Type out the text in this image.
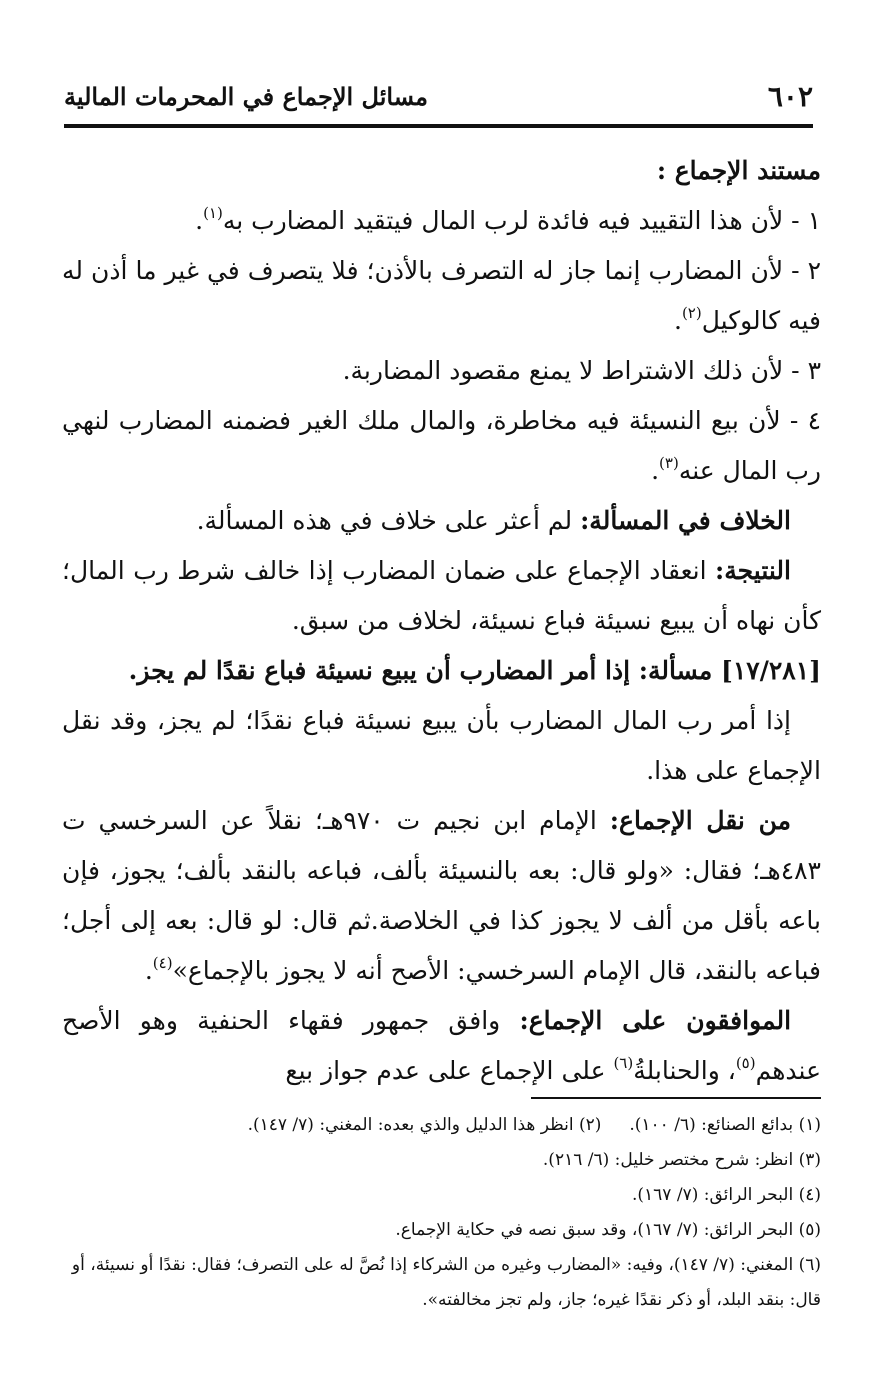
٦٠٢
مسائل الإجماع في المحرمات المالية

مستند الإجماع :

١ - لأن هذا التقييد فيه فائدة لرب المال فيتقيد المضارب به$^{(١)}$.

٢ - لأن المضارب إنما جاز له التصرف بالأذن؛ فلا يتصرف في غير ما أذن له فيه كالوكيل$^{(٢)}$.

٣ - لأن ذلك الاشتراط لا يمنع مقصود المضاربة.

٤ - لأن بيع النسيئة فيه مخاطرة، والمال ملك الغير فضمنه المضارب لنهي رب المال عنه$^{(٣)}$.

الخلاف في المسألة: لم أعثر على خلاف في هذه المسألة.

النتيجة: انعقاد الإجماع على ضمان المضارب إذا خالف شرط رب المال؛ كأن نهاه أن يبيع نسيئة فباع نسيئة، لخلاف من سبق.

[١٧/٢٨١] مسألة: إذا أمر المضارب أن يبيع نسيئة فباع نقدًا لم يجز.

إذا أمر رب المال المضارب بأن يبيع نسيئة فباع نقدًا؛ لم يجز، وقد نقل الإجماع على هذا.

من نقل الإجماع: الإمام ابن نجيم ت ٩٧٠هـ؛ نقلاً عن السرخسي ت ٤٨٣هـ؛ فقال: «ولو قال: بعه بالنسيئة بألف، فباعه بالنقد بألف؛ يجوز، فإن باعه بأقل من ألف لا يجوز كذا في الخلاصة.ثم قال: لو قال: بعه إلى أجل؛ فباعه بالنقد، قال الإمام السرخسي: الأصح أنه لا يجوز بالإجماع»$^{(٤)}$.

الموافقون على الإجماع: وافق جمهور فقهاء الحنفية وهو الأصح عندهم$^{(٥)}$، والحنابلةُ$^{(٦)}$ على الإجماع على عدم جواز بيع

(١) بدائع الصنائع: (٦/ ١٠٠).(٢) انظر هذا الدليل والذي بعده: المغني: (٧/ ١٤٧).

(٣) انظر: شرح مختصر خليل: (٦/ ٢١٦).

(٤) البحر الرائق: (٧/ ١٦٧).

(٥) البحر الرائق: (٧/ ١٦٧)، وقد سبق نصه في حكاية الإجماع.

(٦) المغني: (٧/ ١٤٧)، وفيه: «المضارب وغيره من الشركاء إذا نُصَّ له على التصرف؛ فقال: نقدًا أو نسيئة، أو قال: بنقد البلد، أو ذكر نقدًا غيره؛ جاز، ولم تجز مخالفته».
